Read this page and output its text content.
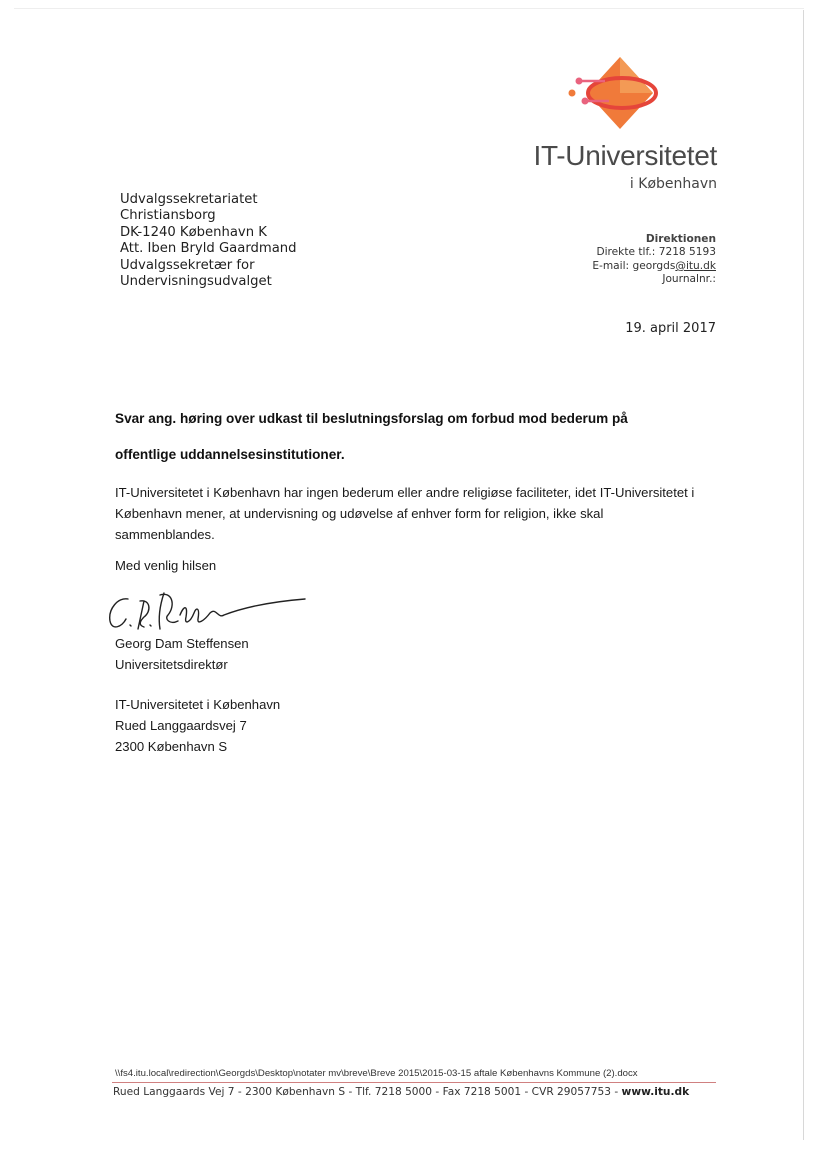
IT-Universitetet
i København
Udvalgssekretariatet
Christiansborg
DK-1240 København K
Att. Iben Bryld Gaardmand
Udvalgssekretær for
Undervisningsudvalget
Direktionen
Direkte tlf.: 7218 5193
E-mail: georgds@itu.dk
Journalnr.:
19. april 2017
Svar ang. høring over udkast til beslutningsforslag om forbud mod bederum på
offentlige uddannelsesinstitutioner.
IT-Universitetet i København har ingen bederum eller andre religiøse faciliteter, idet IT-Universitetet i
København mener, at undervisning og udøvelse af enhver form for religion, ikke skal
sammenblandes.
Med venlig hilsen
Georg Dam Steffensen
Universitetsdirektør
IT-Universitetet i København
Rued Langgaardsvej 7
2300 København S
\\fs4.itu.local\redirection\Georgds\Desktop\notater mv\breve\Breve 2015\2015-03-15 aftale Københavns Kommune (2).docx
Rued Langgaards Vej 7 - 2300 København S - Tlf. 7218 5000 - Fax 7218 5001 - CVR 29057753 - www.itu.dk
